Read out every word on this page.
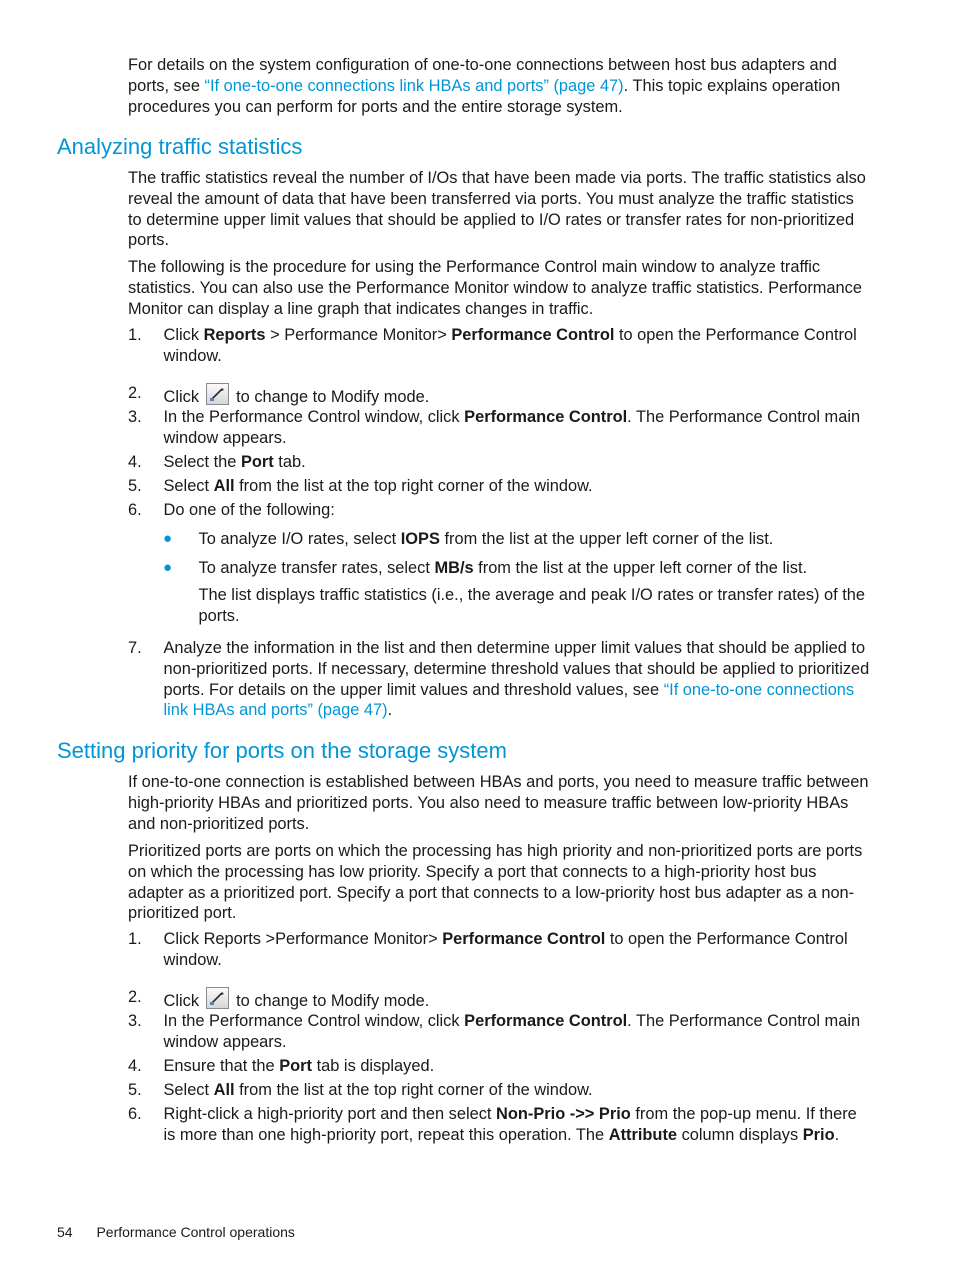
For details on the system configuration of one-to-one connections between host bus adapters and ports, see “If one-to-one connections link HBAs and ports” (page 47). This topic explains operation procedures you can perform for ports and the entire storage system.

Analyzing traffic statistics

The traffic statistics reveal the number of I/Os that have been made via ports. The traffic statistics also reveal the amount of data that have been transferred via ports. You must analyze the traffic statistics to determine upper limit values that should be applied to I/O rates or transfer rates for non-prioritized ports.

The following is the procedure for using the Performance Control main window to analyze traffic statistics. You can also use the Performance Monitor window to analyze traffic statistics. Performance Monitor can display a line graph that indicates changes in traffic.

1.	Click Reports > Performance Monitor> Performance Control to open the Performance Control window.
2.	Click
to change to Modify mode.
3.	In the Performance Control window, click Performance Control. The Performance Control main window appears.
4.	Select the Port tab.
5.	Select All from the list at the top right corner of the window.
6.	Do one of the following:
● To analyze I/O rates, select IOPS from the list at the upper left corner of the list.
● To analyze transfer rates, select MB/s from the list at the upper left corner of the list.

The list displays traffic statistics (i.e., the average and peak I/O rates or transfer rates) of the ports.

7.	Analyze the information in the list and then determine upper limit values that should be applied to non-prioritized ports. If necessary, determine threshold values that should be applied to prioritized ports. For details on the upper limit values and threshold values, see “If one-to-one connections link HBAs and ports” (page 47).
Setting priority for ports on the storage system

If one-to-one connection is established between HBAs and ports, you need to measure traffic between high-priority HBAs and prioritized ports. You also need to measure traffic between low-priority HBAs and non-prioritized ports.

Prioritized ports are ports on which the processing has high priority and non-prioritized ports are ports on which the processing has low priority. Specify a port that connects to a high-priority host bus adapter as a prioritized port. Specify a port that connects to a low-priority host bus adapter as a non-prioritized port.

1.	Click Reports >Performance Monitor> Performance Control to open the Performance Control window.
2.	Click
to change to Modify mode.
3.	In the Performance Control window, click Performance Control. The Performance Control main window appears.
4.	Ensure that the Port tab is displayed.
5.	Select All from the list at the top right corner of the window.
6.	Right-click a high-priority port and then select Non-Prio ->> Prio from the pop-up menu. If there is more than one high-priority port, repeat this operation. The Attribute column displays Prio.
54 Performance Control operations
